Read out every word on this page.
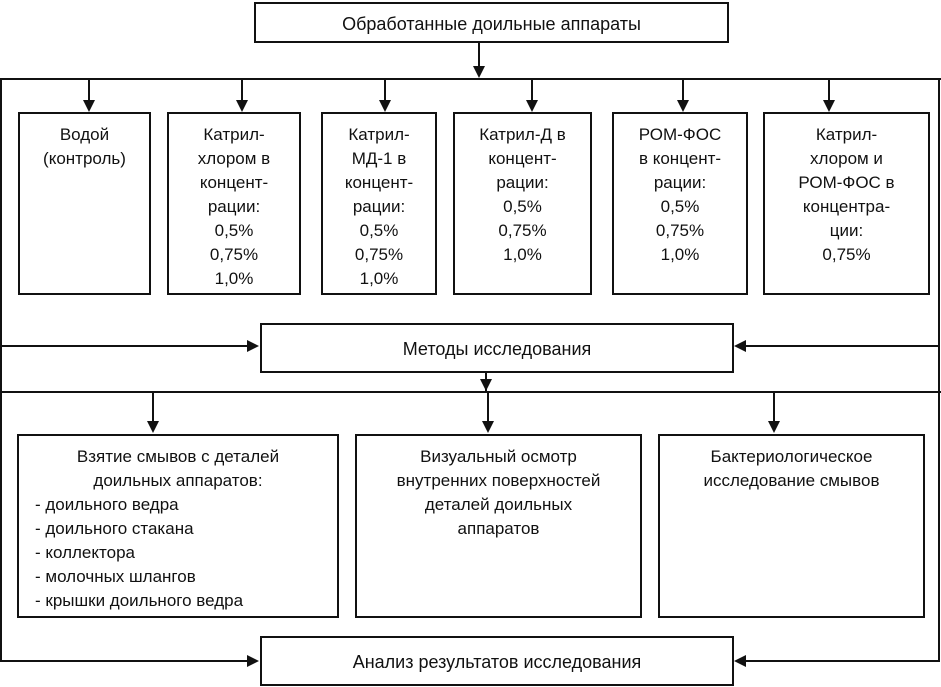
Обработанные доильные аппараты
Водой
(контроль)
Катрил-
хлором в
концент-
рации:
0,5%
0,75%
1,0%
Катрил-
МД-1 в
концент-
рации:
0,5%
0,75%
1,0%
Катрил-Д в
концент-
рации:
0,5%
0,75%
1,0%
РОМ-ФОС
в концент-
рации:
0,5%
0,75%
1,0%
Катрил-
хлором и
РОМ-ФОС в
концентра-
ции:
0,75%
Методы исследования
Взятие смывов с деталей
доильных аппаратов:
- доильного ведра
- доильного стакана
- коллектора
- молочных шлангов
- крышки доильного ведра
Визуальный осмотр
внутренних поверхностей
деталей доильных
аппаратов
Бактериологическое
исследование смывов
Анализ результатов исследования
